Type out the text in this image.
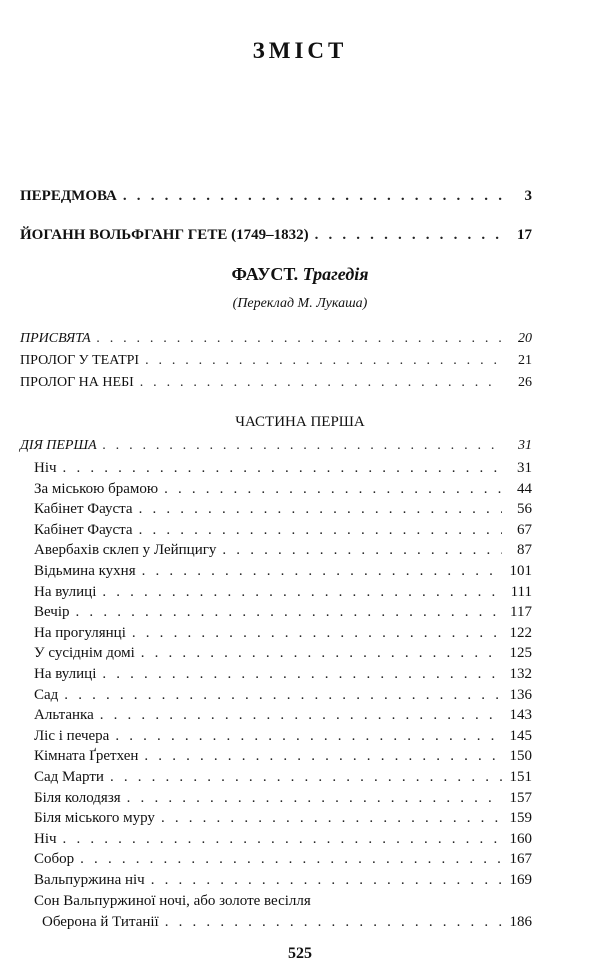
ЗМІСТ
ПЕРЕДМОВА . . .	3
ЙОГАНН ВОЛЬФГАНГ ГЕТЕ (1749–1832) . . .	17
ФАУСТ. Трагедія
(Переклад М. Лукаша)
ПРИСВЯТА . . .	20
ПРОЛОГ У ТЕАТРІ . . .	21
ПРОЛОГ НА НЕБІ . . .	26
ЧАСТИНА ПЕРША
ДІЯ ПЕРША . . .	31
Ніч . . .	31
За міською брамою . . .	44
Кабінет Фауста . . .	56
Кабінет Фауста . . .	67
Авербахів склеп у Лейпцигу . . .	87
Відьмина кухня . . .	101
На вулиці . . .	111
Вечір . . .	117
На прогулянці . . .	122
У сусіднім домі . . .	125
На вулиці . . .	132
Сад . . .	136
Альтанка . . .	143
Ліс і печера . . .	145
Кімната Ґретхен . . .	150
Сад Марти . . .	151
Біля колодязя . . .	157
Біля міського муру . . .	159
Ніч . . .	160
Собор . . .	167
Вальпуржина ніч . . .	169
Сон Вальпуржиної ночі, або золоте весілля
525
Оберона й Титанії . . .	186
